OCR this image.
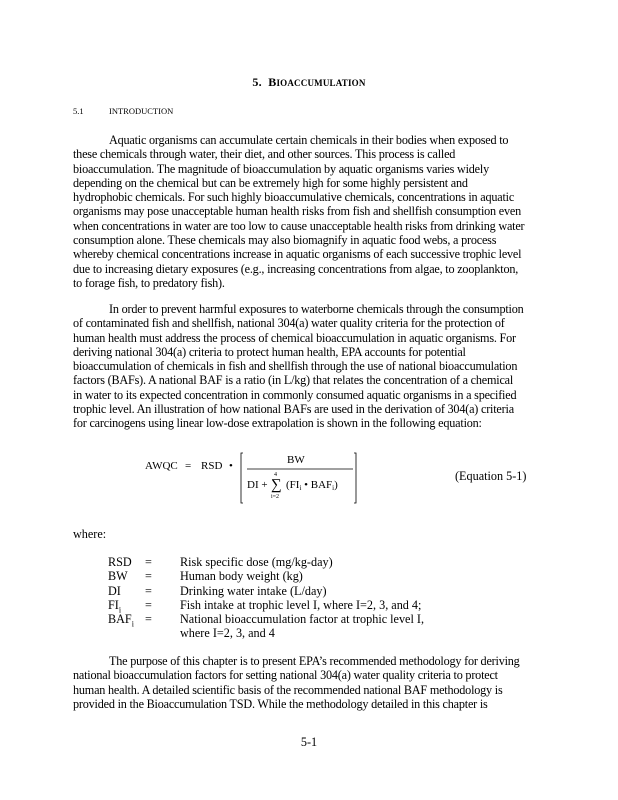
5. BIOACCUMULATION
5.1	INTRODUCTION
Aquatic organisms can accumulate certain chemicals in their bodies when exposed to
these chemicals through water, their diet, and other sources. This process is called
bioaccumulation. The magnitude of bioaccumulation by aquatic organisms varies widely
depending on the chemical but can be extremely high for some highly persistent and
hydrophobic chemicals. For such highly bioaccumulative chemicals, concentrations in aquatic
organisms may pose unacceptable human health risks from fish and shellfish consumption even
when concentrations in water are too low to cause unacceptable health risks from drinking water
consumption alone. These chemicals may also biomagnify in aquatic food webs, a process
whereby chemical concentrations increase in aquatic organisms of each successive trophic level
due to increasing dietary exposures (e.g., increasing concentrations from algae, to zooplankton,
to forage fish, to predatory fish).
In order to prevent harmful exposures to waterborne chemicals through the consumption
of contaminated fish and shellfish, national 304(a) water quality criteria for the protection of
human health must address the process of chemical bioaccumulation in aquatic organisms. For
deriving national 304(a) criteria to protect human health, EPA accounts for potential
bioaccumulation of chemicals in fish and shellfish through the use of national bioaccumulation
factors (BAFs). A national BAF is a ratio (in L/kg) that relates the concentration of a chemical
in water to its expected concentration in commonly consumed aquatic organisms in a specified
trophic level. An illustration of how national BAFs are used in the derivation of 304(a) criteria
for carcinogens using linear low-dose extrapolation is shown in the following equation:
AWQC = RSD •	BW
DI + ∑
4
i=2
(FIi • BAFi)
(Equation 5-1)
where:
RSD = Risk specific dose (mg/kg-day)
BW = Human body weight (kg)
DI = Drinking water intake (L/day)
$FI_i$ = Fish intake at trophic level I, where I=2, 3, and 4;
$BAF_i$ = National bioaccumulation factor at trophic level I,
where I=2, 3, and 4
The purpose of this chapter is to present EPA’s recommended methodology for deriving
national bioaccumulation factors for setting national 304(a) water quality criteria to protect
human health. A detailed scientific basis of the recommended national BAF methodology is
provided in the Bioaccumulation TSD. While the methodology detailed in this chapter is
5-1
